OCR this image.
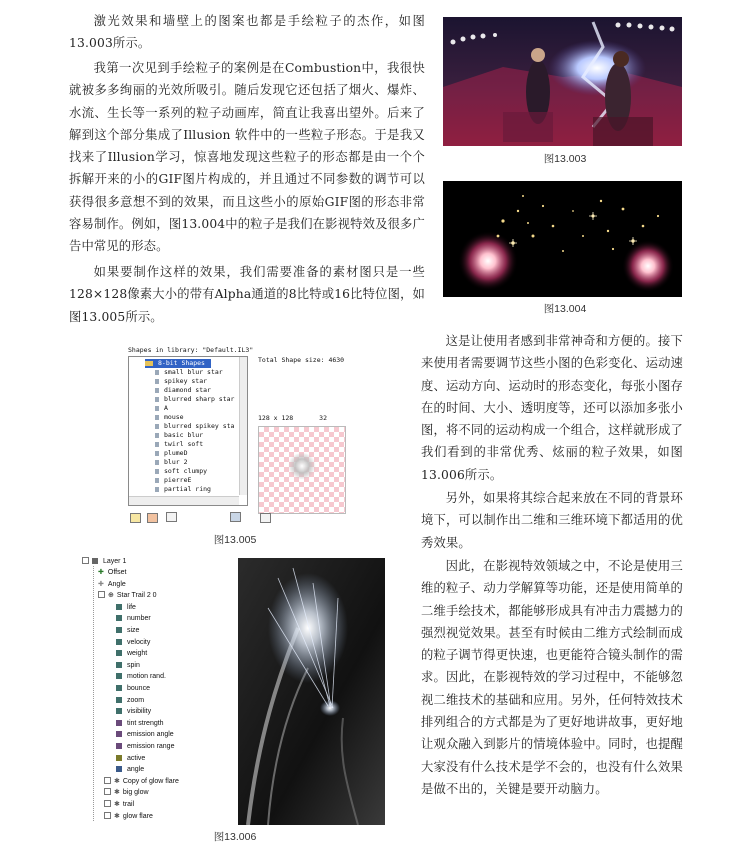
激光效果和墙壁上的图案也都是手绘粒子的杰作，如图13.003所示。

我第一次见到手绘粒子的案例是在Combustion中，我很快就被多多绚丽的光效所吸引。随后发现它还包括了烟火、爆炸、水流、生长等一系列的粒子动画库，简直让我喜出望外。后来了解到这个部分集成了Illusion 软件中的一些粒子形态。于是我又找来了Illusion学习，惊喜地发现这些粒子的形态都是由一个个拆解开来的小的GIF图片构成的，并且通过不同参数的调节可以获得很多意想不到的效果，而且这些小的原始GIF图的形态非常容易制作。例如，图13.004中的粒子是我们在影视特效及很多广告中常见的形态。

如果要制作这样的效果，我们需要准备的素材图只是一些128×128像素大小的带有Alpha通道的8比特或16比特位图，如图13.005所示。

图13.003
图13.004
Shapes in library: "Default.IL3"
8-bit Shapes
small blur star
spikey star
diamond star
blurred sharp star
A
mouse
blurred spikey sta
basic blur
twirl soft
plumeD
blur 2
soft clumpy
pierreE
partial ring
Total Shape size: 4630
128 x 128	32
图13.005
Layer 1
✚ Offset
✚ Angle
⊕ Star Trail 2 0
life
number
size
velocity
weight
spin
motion rand.
bounce
zoom
visibility
tint strength
emission angle
emission range
active
angle
✱ Copy of glow flare
✱ big glow
✱ trail
✱ glow flare
图13.006

这是让使用者感到非常神奇和方便的。接下来使用者需要调节这些小图的色彩变化、运动速度、运动方向、运动时的形态变化，每张小图存在的时间、大小、透明度等，还可以添加多张小图，将不同的运动构成一个组合，这样就形成了我们看到的非常优秀、炫丽的粒子效果，如图13.006所示。

另外，如果将其综合起来放在不同的背景环境下，可以制作出二维和三维环境下都适用的优秀效果。

因此，在影视特效领域之中，不论是使用三维的粒子、动力学解算等功能，还是使用简单的二维手绘技术，都能够形成具有冲击力震撼力的强烈视觉效果。甚至有时候由二维方式绘制而成的粒子调节得更快速，也更能符合镜头制作的需求。因此，在影视特效的学习过程中，不能够忽视二维技术的基础和应用。另外，任何特效技术排列组合的方式都是为了更好地讲故事，更好地让观众融入到影片的情境体验中。同时，也提醒大家没有什么技术是学不会的，也没有什么效果是做不出的，关键是要开动脑力。
